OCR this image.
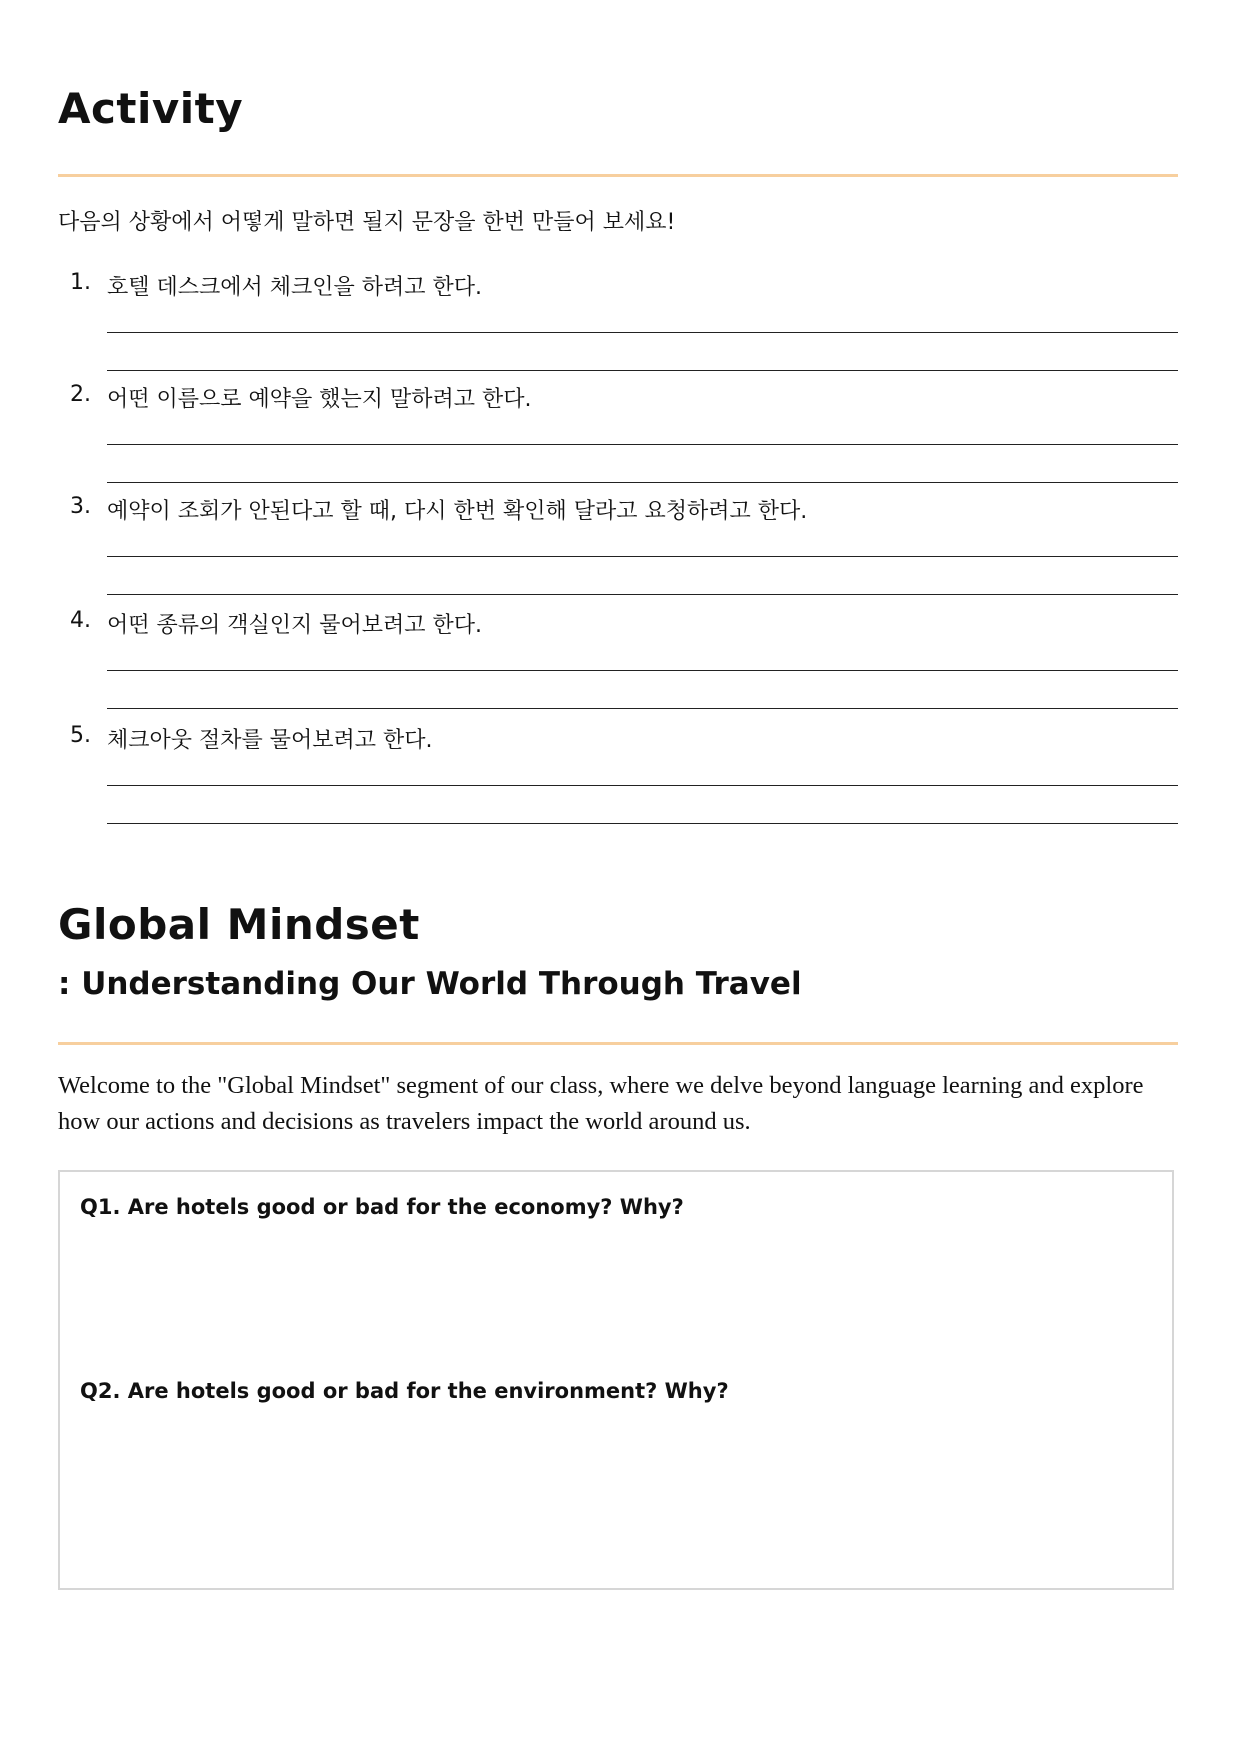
Activity
다음의 상황에서 어떻게 말하면 될지 문장을 한번 만들어 보세요!
1. 호텔 데스크에서 체크인을 하려고 한다.
2. 어떤 이름으로 예약을 했는지 말하려고 한다.
3. 예약이 조회가 안된다고 할 때, 다시 한번 확인해 달라고 요청하려고 한다.
4. 어떤 종류의 객실인지 물어보려고 한다.
5. 체크아웃 절차를 물어보려고 한다.
Global Mindset
: Understanding Our World Through Travel
Welcome to the "Global Mindset" segment of our class, where we delve beyond language learning and explore how our actions and decisions as travelers impact the world around us.
Q1. Are hotels good or bad for the economy? Why?
Q2. Are hotels good or bad for the environment? Why?
